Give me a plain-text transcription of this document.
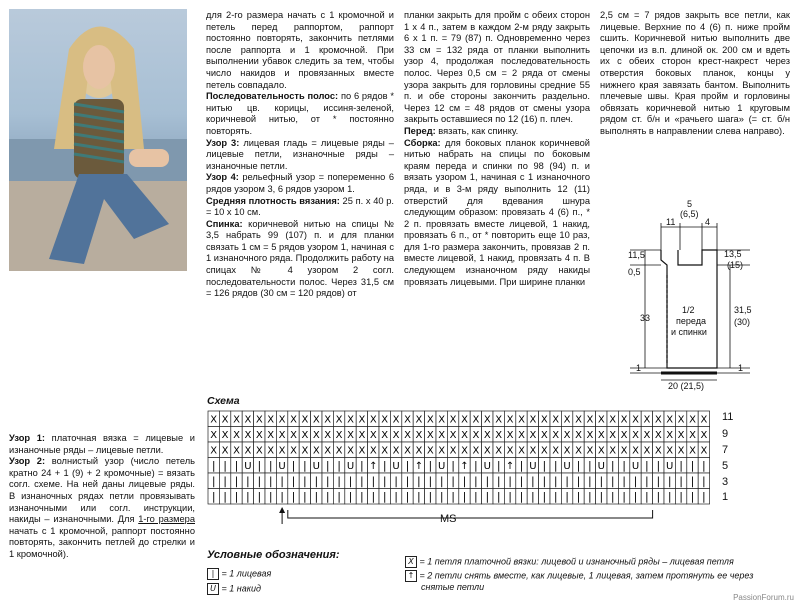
для 2-го размера начать с 1 кромочной и петель перед раппортом, раппорт постоянно повторять, закончить петлями после раппорта и 1 кромочной. При выполнении убавок следить за тем, чтобы число накидов и провязанных вместе петель совпадало.

Последовательность полос: по 6 рядов * нитью цв. корицы, иссиня-зеленой, коричневой нитью, от * постоянно повторять.

Узор 3: лицевая гладь = лицевые ряды – лицевые петли, изнаночные ряды – изнаночные петли.

Узор 4: рельефный узор = попеременно 6 рядов узором 3, 6 рядов узором 1.

Средняя плотность вязания: 25 п. х 40 р. = 10 х 10 см.

Спинка: коричневой нитью на спицы № 3,5 набрать 99 (107) п. и для планки связать 1 см = 5 рядов узором 1, начиная с 1 изнаночного ряда. Продолжить работу на спицах № 4 узором 2 согл. последовательности полос. Через 31,5 см = 126 рядов (30 см = 120 рядов) от

планки закрыть для пройм с обеих сторон 1 х 4 п., затем в каждом 2-м ряду закрыть 6 х 1 п. = 79 (87) п. Одновременно через 33 см = 132 ряда от планки выполнить узор 4, продолжая последовательность полос. Через 0,5 см = 2 ряда от смены узора закрыть для горловины средние 55 п. и обе стороны закончить раздельно. Через 12 см = 48 рядов от смены узора закрыть оставшиеся по 12 (16) п. плеч.

Перед: вязать, как спинку.

Сборка: для боковых планок коричневой нитью набрать на спицы по боковым краям переда и спинки по 98 (94) п. и вязать узором 1, начиная с 1 изнаночного ряда, и в 3-м ряду выполнить 12 (11) отверстий для вдевания шнура следующим образом: провязать 4 (6) п., * 2 п. провязать вместе лицевой, 1 накид, провязать 6 п., от * повторить еще 10 раз, для 1-го размера закончить, провязав 2 п. вместе лицевой, 1 накид, провязать 4 п. В следующем изнаночном ряду накиды провязать лицевыми. При ширине планки

2,5 см = 7 рядов закрыть все петли, как лицевые. Верхние по 4 (6) п. ниже пройм сшить. Коричневой нитью выполнить две цепочки из в.п. длиной ок. 200 см и вдеть их с обеих сторон крест-накрест через отверстия боковых планок, концы у нижнего края завязать бантом. Выполнить плечевые швы. Края пройм и горловины обвязать коричневой нитью 1 круговым рядом ст. б/н и «рачьего шага» (= ст. б/н выполнять в направлении слева направо).

11
5
(6,5)
4
11,5
0,5
33
1
13,5
(15)
31,5
(30)
1
1/2
переда
и спинки
20 (21,5)
Схема
X X X X X X X X X X X X X X X X X X X X X X X X X X X X X X X X X X X X X X X X X X X X
X X X X X X X X X X X X X X X X X X X X X X X X X X X X X X X X X X X X X X X X X X X X
X X X X X X X X X X X X X X X X X X X X X X X X X X X X X X X X X X X X X X X X X X X X
| | | U | | U | | U | | U | ↑ | U | ↑ | U | ↑ | U | ↑ | U | | U | | U | | U | | U | | |
| | | | | | | | | | | | | | | | | | | | | | | | | | | | | | | | | | | | | | | | | | | |
| | | | | | | | | | | | | | | | | | | | | | | | | | | | | | | | | | | | | | | | | | | |
11
9
7
5
3
1
MS

Узор 1: платочная вязка = лицевые и изнаночные ряды – лицевые петли.

Узор 2: волнистый узор (число петель кратно 24 + 1 (9) + 2 кромочные) = вязать согл. схеме. На ней даны лицевые ряды. В изнаночных рядах петли провязывать изнаночными или согл. инструкции, накиды – изнаночными. Для 1-го размера начать с 1 кромочной, раппорт постоянно повторять, закончить петлей до стрелки и 1 кромочной).	Условные обозначения:
| = 1 лицевая
U = 1 накид
X = 1 петля платочной вязки: лицевой и изнаночный ряды – лицевая петля
↑ = 2 петли снять вместе, как лицевые, 1 лицевая, затем протянуть ее через
снятые петли
PassionForum.ru
